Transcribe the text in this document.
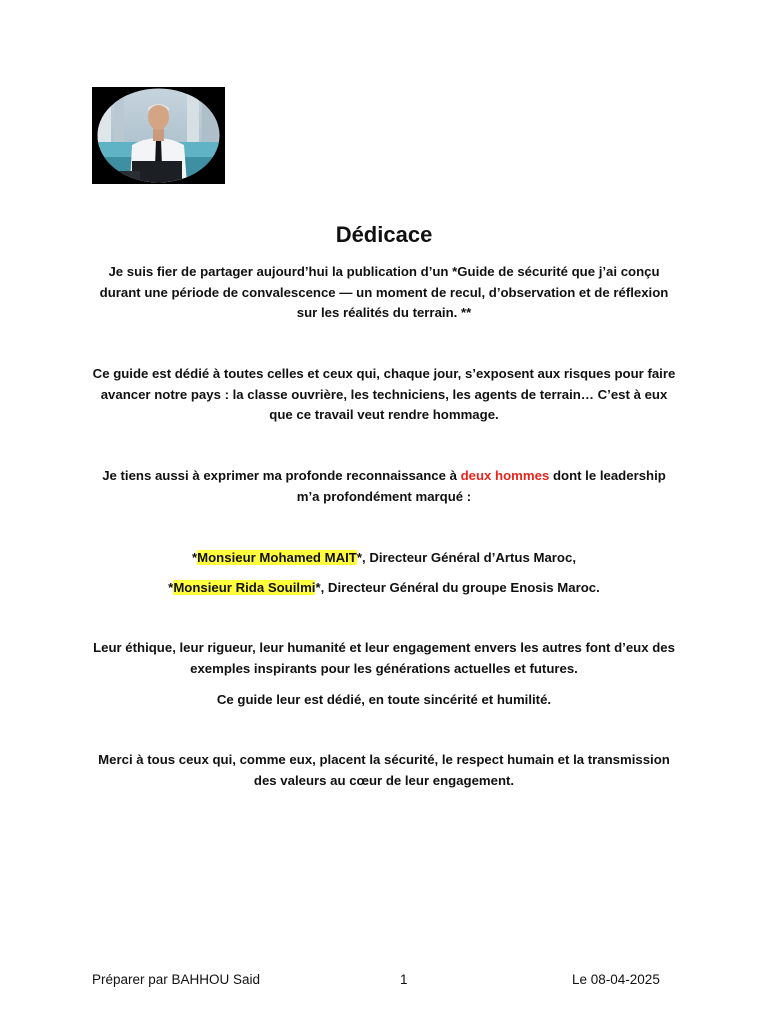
Dédicace
Je suis fier de partager aujourd’hui la publication d’un *Guide de sécurité que j’ai conçu durant une période de convalescence — un moment de recul, d’observation et de réflexion sur les réalités du terrain. **
Ce guide est dédié à toutes celles et ceux qui, chaque jour, s’exposent aux risques pour faire avancer notre pays : la classe ouvrière, les techniciens, les agents de terrain… C’est à eux que ce travail veut rendre hommage.
Je tiens aussi à exprimer ma profonde reconnaissance à deux hommes dont le leadership m’a profondément marqué :
*Monsieur Mohamed MAIT*, Directeur Général d’Artus Maroc,
*Monsieur Rida Souilmi*, Directeur Général du groupe Enosis Maroc.
Leur éthique, leur rigueur, leur humanité et leur engagement envers les autres font d’eux des exemples inspirants pour les générations actuelles et futures.
Ce guide leur est dédié, en toute sincérité et humilité.
Merci à tous ceux qui, comme eux, placent la sécurité, le respect humain et la transmission des valeurs au cœur de leur engagement.
Préparer par BAHHOU Said	1	Le 08-04-2025
